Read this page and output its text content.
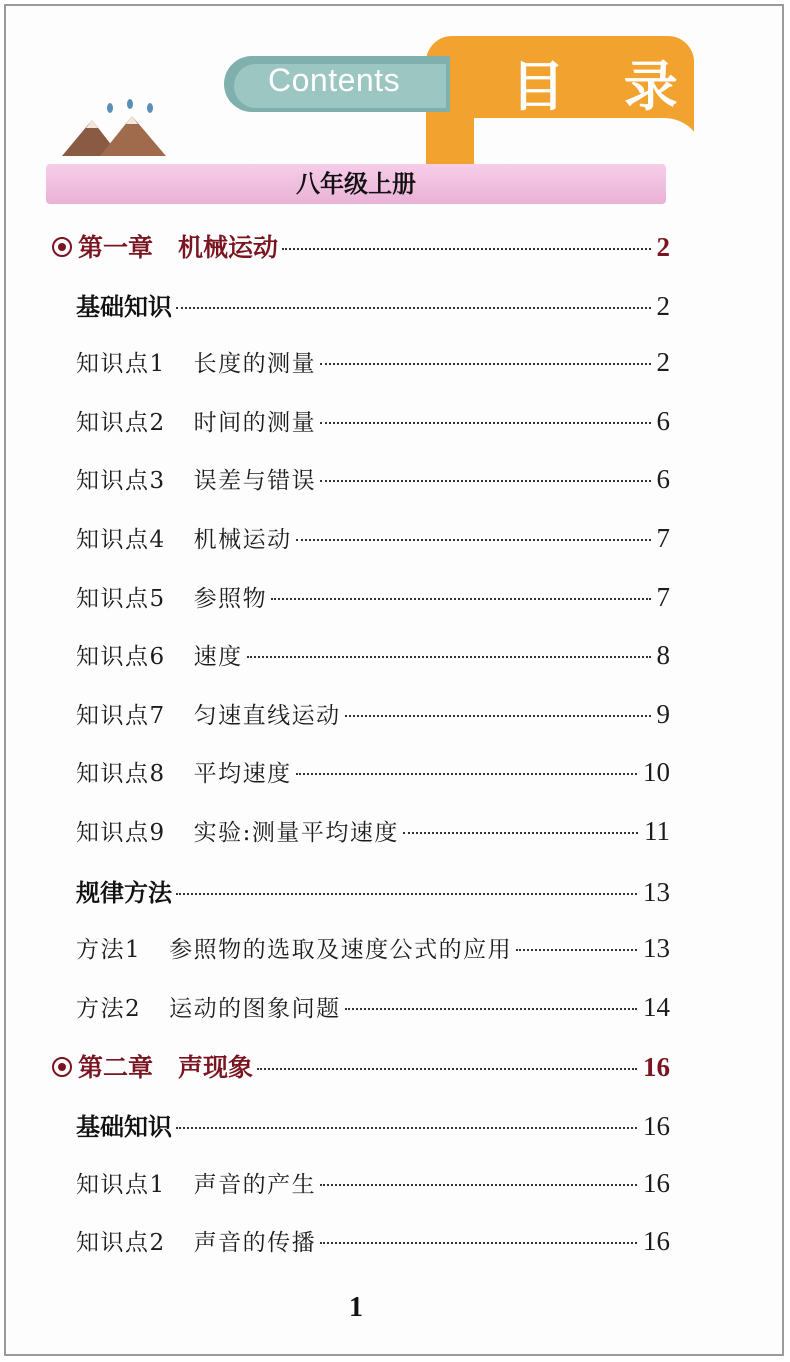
Contents 目 录
八年级上册
第一章　机械运动	2
基础知识	2
知识点1 长度的测量	2
知识点2 时间的测量	6
知识点3 误差与错误	6
知识点4 机械运动	7
知识点5 参照物	7
知识点6 速度	8
知识点7 匀速直线运动	9
知识点8 平均速度	10
知识点9 实验:测量平均速度	11
规律方法	13
方法1 参照物的选取及速度公式的应用	13
方法2 运动的图象问题	14
第二章　声现象	16
基础知识	16
知识点1 声音的产生	16
知识点2 声音的传播	16
1
